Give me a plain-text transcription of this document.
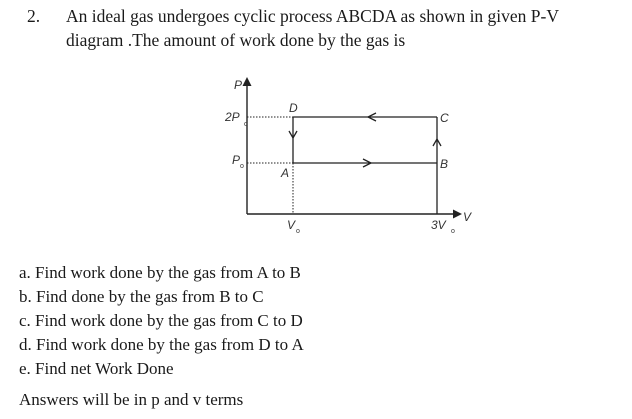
2. An ideal gas undergoes cyclic process ABCDA as shown in given P-V
diagram .The amount of work done by the gas is
P
V
2P
o
P o
V o	3V o
A
B
C
D
a. Find work done by the gas from A to B
b. Find done by the gas from B to C
c. Find work done by the gas from C to D
d. Find work done by the gas from D to A
e. Find net Work Done
Answers will be in p and v terms
